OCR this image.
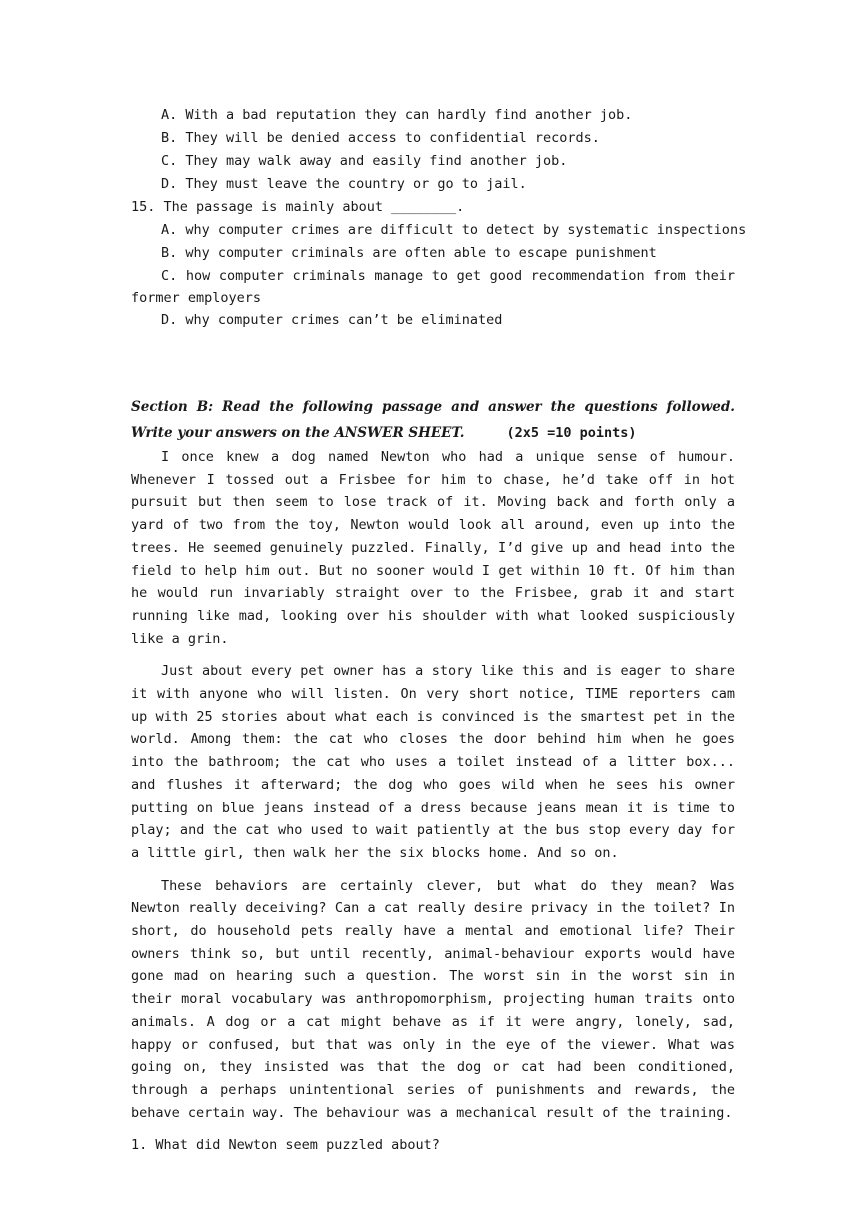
A. With a bad reputation they can hardly find another job.
B. They will be denied access to confidential records.
C. They may walk away and easily find another job.
D. They must leave the country or go to jail.
15. The passage is mainly about ________.
A. why computer crimes are difficult to detect by systematic inspections
B. why computer criminals are often able to escape punishment
C. how computer criminals manage to get good recommendation from their former employers
D. why computer crimes can’t be eliminated
Section B: Read the following passage and answer the questions followed. Write your answers on the ANSWER SHEET.	(2x5 =10 points)

I once knew a dog named Newton who had a unique sense of humour. Whenever I tossed out a Frisbee for him to chase, he’d take off in hot pursuit but then seem to lose track of it. Moving back and forth only a yard of two from the toy, Newton would look all around, even up into the trees. He seemed genuinely puzzled. Finally, I’d give up and head into the field to help him out. But no sooner would I get within 10 ft. Of him than he would run invariably straight over to the Frisbee, grab it and start running like mad, looking over his shoulder with what looked suspiciously like a grin.

Just about every pet owner has a story like this and is eager to share it with anyone who will listen. On very short notice, TIME reporters cam up with 25 stories about what each is convinced is the smartest pet in the world. Among them: the cat who closes the door behind him when he goes into the bathroom; the cat who uses a toilet instead of a litter box... and flushes it afterward; the dog who goes wild when he sees his owner putting on blue jeans instead of a dress because jeans mean it is time to play; and the cat who used to wait patiently at the bus stop every day for a little girl, then walk her the six blocks home. And so on.

These behaviors are certainly clever, but what do they mean? Was Newton really deceiving? Can a cat really desire privacy in the toilet? In short, do household pets really have a mental and emotional life? Their owners think so, but until recently, animal-behaviour exports would have gone mad on hearing such a question. The worst sin in the worst sin in their moral vocabulary was anthropomorphism, projecting human traits onto animals. A dog or a cat might behave as if it were angry, lonely, sad, happy or confused, but that was only in the eye of the viewer. What was going on, they insisted was that the dog or cat had been conditioned, through a perhaps unintentional series of punishments and rewards, the behave certain way. The behaviour was a mechanical result of the training.

1. What did Newton seem puzzled about?
